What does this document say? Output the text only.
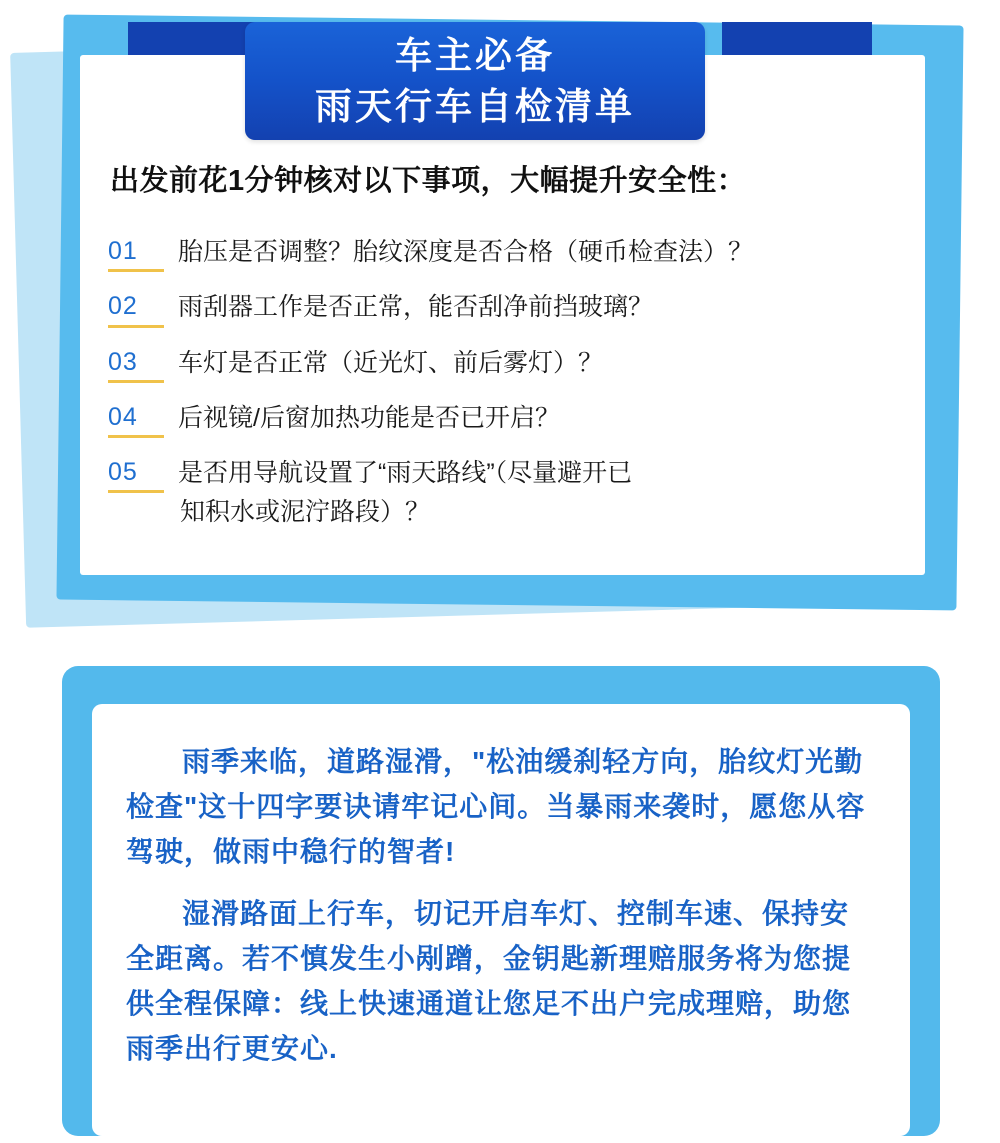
车主必备
雨天行车自检清单
出发前花1分钟核对以下事项，大幅提升安全性：
01	胎压是否调整？胎纹深度是否合格（硬币检查法）？
02	雨刮器工作是否正常，能否刮净前挡玻璃？
03	车灯是否正常（近光灯、前后雾灯）？
04	后视镜/后窗加热功能是否已开启？
05	是否用导航设置了“雨天路线”（尽量避开已
知积水或泥泞路段）？

雨季来临，道路湿滑，"松油缓刹轻方向，胎纹灯光勤检查"这十四字要诀请牢记心间。当暴雨来袭时，愿您从容驾驶，做雨中稳行的智者!

湿滑路面上行车，切记开启车灯、控制车速、保持安全距离。若不慎发生小剐蹭，金钥匙新理赔服务将为您提供全程保障：线上快速通道让您足不出户完成理赔，助您雨季出行更安心.
